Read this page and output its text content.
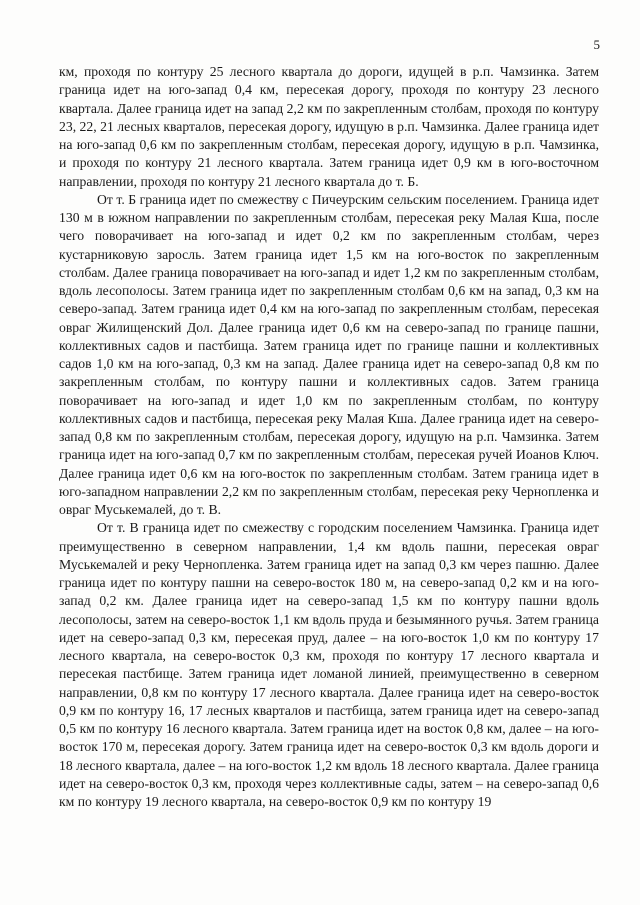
5

км, проходя по контуру 25 лесного квартала до дороги, идущей в р.п. Чамзинка. Затем граница идет на юго-запад 0,4 км, пересекая дорогу, проходя по контуру 23 лесного квартала. Далее граница идет на запад 2,2 км по закрепленным столбам, проходя по контуру 23, 22, 21 лесных кварталов, пересекая дорогу, идущую в р.п. Чамзинка. Далее граница идет на юго-запад 0,6 км по закрепленным столбам, пересекая дорогу, идущую в р.п. Чамзинка, и проходя по контуру 21 лесного квартала. Затем граница идет 0,9 км в юго-восточном направлении, проходя по контуру 21 лесного квартала до т. Б.

От т. Б граница идет по смежеству с Пичеурским сельским поселением. Граница идет 130 м в южном направлении по закрепленным столбам, пересекая реку Малая Кша, после чего поворачивает на юго-запад и идет 0,2 км по закрепленным столбам, через кустарниковую заросль. Затем граница идет 1,5 км на юго-восток по закрепленным столбам. Далее граница поворачивает на юго-запад и идет 1,2 км по закрепленным столбам, вдоль лесополосы. Затем граница идет по закрепленным столбам 0,6 км на запад, 0,3 км на северо-запад. Затем граница идет 0,4 км на юго-запад по закрепленным столбам, пересекая овраг Жилищенский Дол. Далее граница идет 0,6 км на северо-запад по границе пашни, коллективных садов и пастбища. Затем граница идет по границе пашни и коллективных садов 1,0 км на юго-запад, 0,3 км на запад. Далее граница идет на северо-запад 0,8 км по закрепленным столбам, по контуру пашни и коллективных садов. Затем граница поворачивает на юго-запад и идет 1,0 км по закрепленным столбам, по контуру коллективных садов и пастбища, пересекая реку Малая Кша. Далее граница идет на северо-запад 0,8 км по закрепленным столбам, пересекая дорогу, идущую на р.п. Чамзинка. Затем граница идет на юго-запад 0,7 км по закрепленным столбам, пересекая ручей Иоанов Ключ. Далее граница идет 0,6 км на юго-восток по закрепленным столбам. Затем граница идет в юго-западном направлении 2,2 км по закрепленным столбам, пересекая реку Чернопленка и овраг Муськемалей, до т. В.

От т. В граница идет по смежеству с городским поселением Чамзинка. Граница идет преимущественно в северном направлении, 1,4 км вдоль пашни, пересекая овраг Муськемалей и реку Чернопленка. Затем граница идет на запад 0,3 км через пашню. Далее граница идет по контуру пашни на северо-восток 180 м, на северо-запад 0,2 км и на юго-запад 0,2 км. Далее граница идет на северо-запад 1,5 км по контуру пашни вдоль лесополосы, затем на северо-восток 1,1 км вдоль пруда и безымянного ручья. Затем граница идет на северо-запад 0,3 км, пересекая пруд, далее – на юго-восток 1,0 км по контуру 17 лесного квартала, на северо-восток 0,3 км, проходя по контуру 17 лесного квартала и пересекая пастбище. Затем граница идет ломаной линией, преимущественно в северном направлении, 0,8 км по контуру 17 лесного квартала. Далее граница идет на северо-восток 0,9 км по контуру 16, 17 лесных кварталов и пастбища, затем граница идет на северо-запад 0,5 км по контуру 16 лесного квартала. Затем граница идет на восток 0,8 км, далее – на юго-восток 170 м, пересекая дорогу. Затем граница идет на северо-восток 0,3 км вдоль дороги и 18 лесного квартала, далее – на юго-восток 1,2 км вдоль 18 лесного квартала. Далее граница идет на северо-восток 0,3 км, проходя через коллективные сады, затем – на северо-запад 0,6 км по контуру 19 лесного квартала, на северо-восток 0,9 км по контуру 19
